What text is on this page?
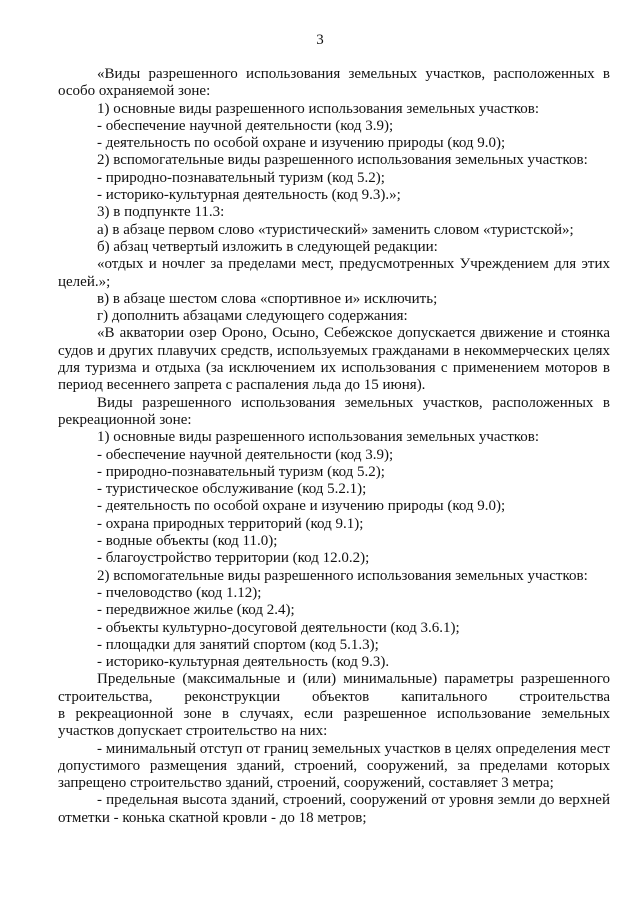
3

«Виды разрешенного использования земельных участков, расположенных в особо охраняемой зоне:

1) основные виды разрешенного использования земельных участков:

- обеспечение научной деятельности (код 3.9);

- деятельность по особой охране и изучению природы (код 9.0);

2) вспомогательные виды разрешенного использования земельных участков:

- природно-познавательный туризм (код 5.2);

- историко-культурная деятельность (код 9.3).»;

3) в подпункте 11.3:

а) в абзаце первом слово «туристический» заменить словом «туристской»;

б) абзац четвертый изложить в следующей редакции:

«отдых и ночлег за пределами мест, предусмотренных Учреждением для этих целей.»;

в) в абзаце шестом слова «спортивное и» исключить;

г) дополнить абзацами следующего содержания:

«В акватории озер Ороно, Осыно, Себежское допускается движение и стоянка судов и других плавучих средств, используемых гражданами в некоммерческих целях для туризма и отдыха (за исключением их использования с применением моторов в период весеннего запрета с распаления льда до 15 июня).

Виды разрешенного использования земельных участков, расположенных в рекреационной зоне:

1) основные виды разрешенного использования земельных участков:

- обеспечение научной деятельности (код 3.9);

- природно-познавательный туризм (код 5.2);

- туристическое обслуживание (код 5.2.1);

- деятельность по особой охране и изучению природы (код 9.0);

- охрана природных территорий (код 9.1);

- водные объекты (код 11.0);

- благоустройство территории (код 12.0.2);

2) вспомогательные виды разрешенного использования земельных участков:

- пчеловодство (код 1.12);

- передвижное жилье (код 2.4);

- объекты культурно-досуговой деятельности (код 3.6.1);

- площадки для занятий спортом (код 5.1.3);

- историко-культурная деятельность (код 9.3).

Предельные (максимальные и (или) минимальные) параметры разрешенного

строительства, реконструкции объектов капитального строительства

в рекреационной зоне в случаях, если разрешенное использование земельных участков допускает строительство на них:

- минимальный отступ от границ земельных участков в целях определения мест допустимого размещения зданий, строений, сооружений, за пределами которых запрещено строительство зданий, строений, сооружений, составляет 3 метра;

- предельная высота зданий, строений, сооружений от уровня земли до верхней отметки - конька скатной кровли - до 18 метров;
